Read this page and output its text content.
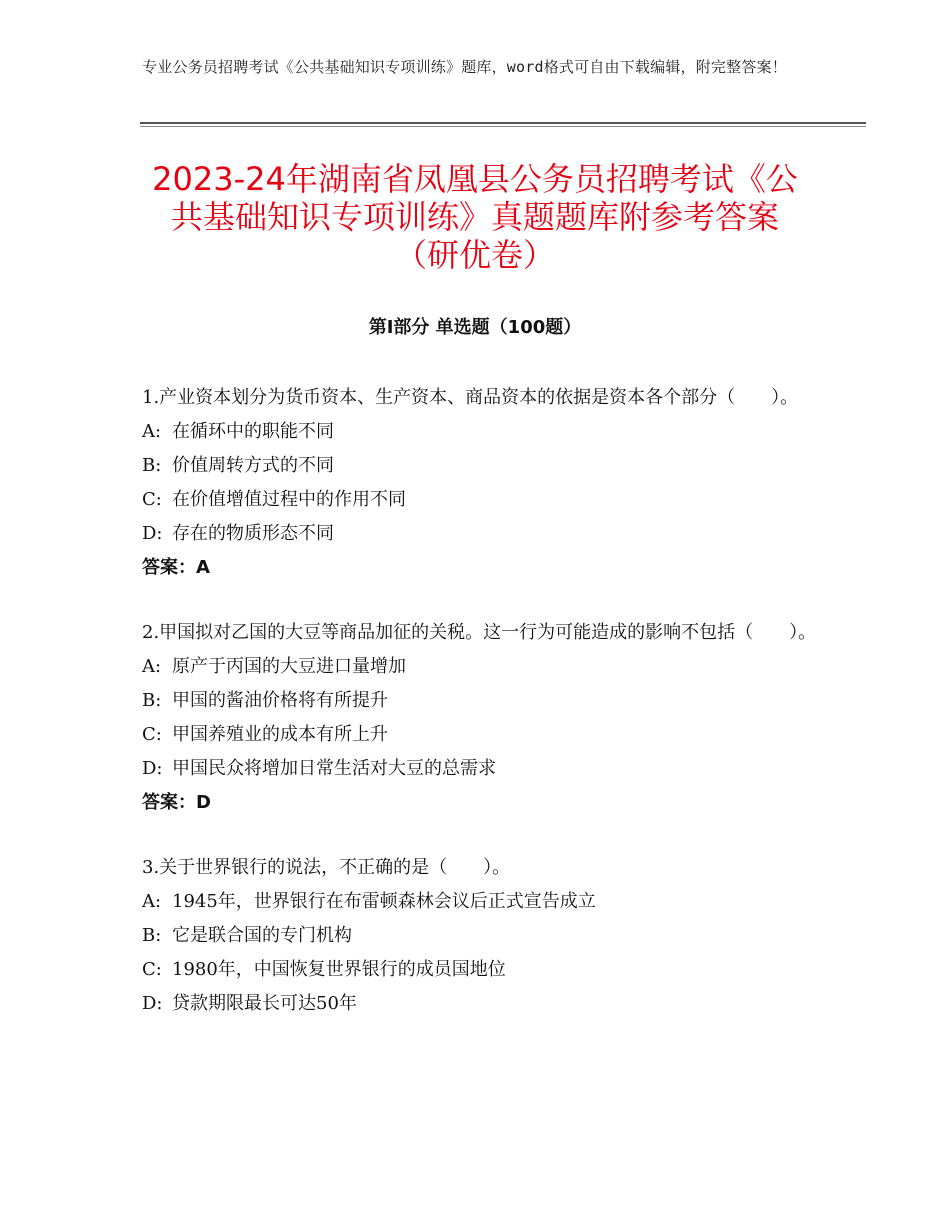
专业公务员招聘考试《公共基础知识专项训练》题库，word格式可自由下载编辑，附完整答案！
2023-24年湖南省凤凰县公务员招聘考试《公共基础知识专项训练》真题题库附参考答案（研优卷）
第I部分 单选题（100题）

1.产业资本划分为货币资本、生产资本、商品资本的依据是资本各个部分（　　）。

A: 在循环中的职能不同

B: 价值周转方式的不同

C: 在价值增值过程中的作用不同

D: 存在的物质形态不同

答案：A

2.甲国拟对乙国的大豆等商品加征的关税。这一行为可能造成的影响不包括（　　）。

A: 原产于丙国的大豆进口量增加

B: 甲国的酱油价格将有所提升

C: 甲国养殖业的成本有所上升

D: 甲国民众将增加日常生活对大豆的总需求

答案：D

3.关于世界银行的说法，不正确的是（　　）。

A: 1945年，世界银行在布雷顿森林会议后正式宣告成立

B: 它是联合国的专门机构

C: 1980年，中国恢复世界银行的成员国地位

D: 贷款期限最长可达50年
